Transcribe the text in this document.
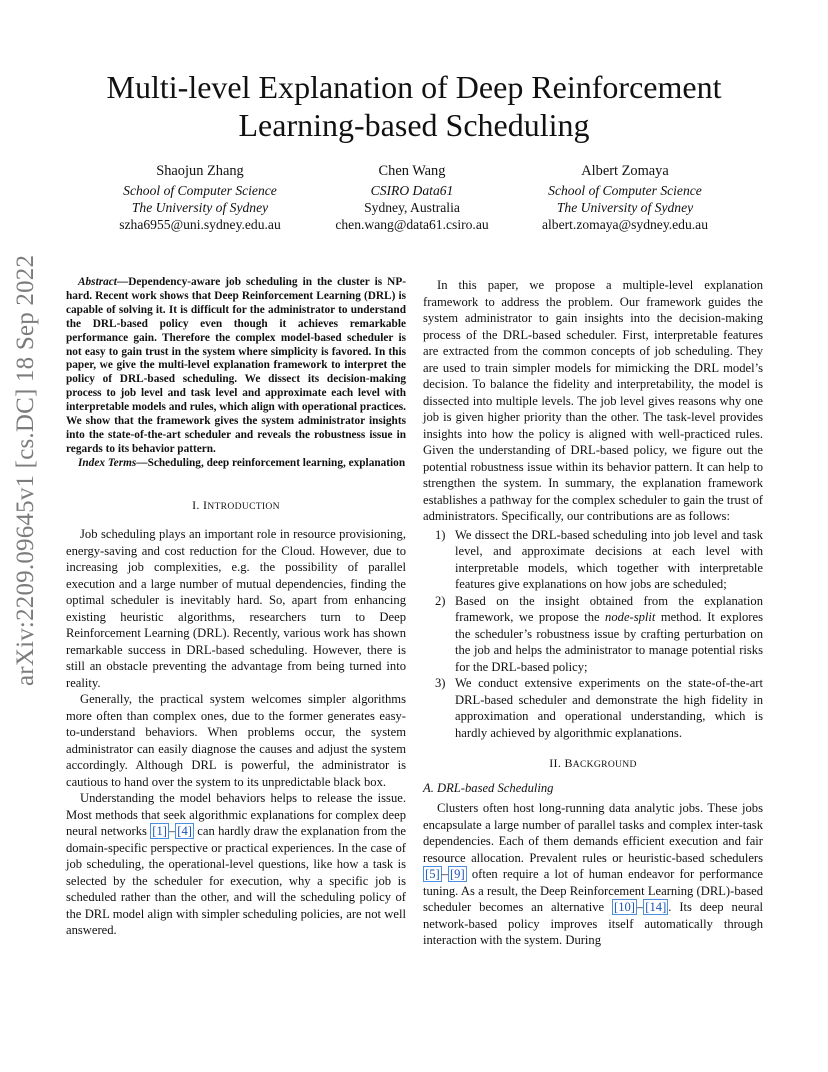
arXiv:2209.09645v1 [cs.DC] 18 Sep 2022
Multi-level Explanation of Deep Reinforcement
Learning-based Scheduling
Shaojun Zhang
School of Computer Science
The University of Sydney
szha6955@uni.sydney.edu.au
Chen Wang
CSIRO Data61
Sydney, Australia
chen.wang@data61.csiro.au
Albert Zomaya
School of Computer Science
The University of Sydney
albert.zomaya@sydney.edu.au

Abstract—Dependency-aware job scheduling in the cluster is NP-hard. Recent work shows that Deep Reinforcement Learning (DRL) is capable of solving it. It is difficult for the administrator to understand the DRL-based policy even though it achieves remarkable performance gain. Therefore the complex model-based scheduler is not easy to gain trust in the system where simplicity is favored. In this paper, we give the multi-level explanation framework to interpret the policy of DRL-based scheduling. We dissect its decision-making process to job level and task level and approximate each level with interpretable models and rules, which align with operational practices. We show that the framework gives the system administrator insights into the state-of-the-art scheduler and reveals the robustness issue in regards to its behavior pattern.

Index Terms—Scheduling, deep reinforcement learning, explanation

I. INTRODUCTION

Job scheduling plays an important role in resource provisioning, energy-saving and cost reduction for the Cloud. However, due to increasing job complexities, e.g. the possibility of parallel execution and a large number of mutual dependencies, finding the optimal scheduler is inevitably hard. So, apart from enhancing existing heuristic algorithms, researchers turn to Deep Reinforcement Learning (DRL). Recently, various work has shown remarkable success in DRL-based scheduling. However, there is still an obstacle preventing the advantage from being turned into reality.

Generally, the practical system welcomes simpler algorithms more often than complex ones, due to the former generates easy-to-understand behaviors. When problems occur, the system administrator can easily diagnose the causes and adjust the system accordingly. Although DRL is powerful, the administrator is cautious to hand over the system to its unpredictable black box.

Understanding the model behaviors helps to release the issue. Most methods that seek algorithmic explanations for complex deep neural networks [1] – [4] can hardly draw the explanation from the domain-specific perspective or practical experiences. In the case of job scheduling, the operational-level questions, like how a task is selected by the scheduler for execution, why a specific job is scheduled rather than the other, and will the scheduling policy of the DRL model align with simpler scheduling policies, are not well answered.

In this paper, we propose a multiple-level explanation framework to address the problem. Our framework guides the system administrator to gain insights into the decision-making process of the DRL-based scheduler. First, interpretable features are extracted from the common concepts of job scheduling. They are used to train simpler models for mimicking the DRL model’s decision. To balance the fidelity and interpretability, the model is dissected into multiple levels. The job level gives reasons why one job is given higher priority than the other. The task-level provides insights into how the policy is aligned with well-practiced rules. Given the understanding of DRL-based policy, we figure out the potential robustness issue within its behavior pattern. It can help to strengthen the system. In summary, the explanation framework establishes a pathway for the complex scheduler to gain the trust of administrators. Specifically, our contributions are as follows:

1) We dissect the DRL-based scheduling into job level and task level, and approximate decisions at each level with interpretable models, which together with interpretable features give explanations on how jobs are scheduled;
2) Based on the insight obtained from the explanation framework, we propose the node-split method. It explores the scheduler’s robustness issue by crafting perturbation on the job and helps the administrator to manage potential risks for the DRL-based policy;
3) We conduct extensive experiments on the state-of-the-art DRL-based scheduler and demonstrate the high fidelity in approximation and operational understanding, which is hardly achieved by algorithmic explanations.
II. BACKGROUND
A. DRL-based Scheduling

Clusters often host long-running data analytic jobs. These jobs encapsulate a large number of parallel tasks and complex inter-task dependencies. Each of them demands efficient execution and fair resource allocation. Prevalent rules or heuristic-based schedulers [5] – [9] often require a lot of human endeavor for performance tuning. As a result, the Deep Reinforcement Learning (DRL)-based scheduler becomes an alternative [10] – [14] . Its deep neural network-based policy improves itself automatically through interaction with the system. During
